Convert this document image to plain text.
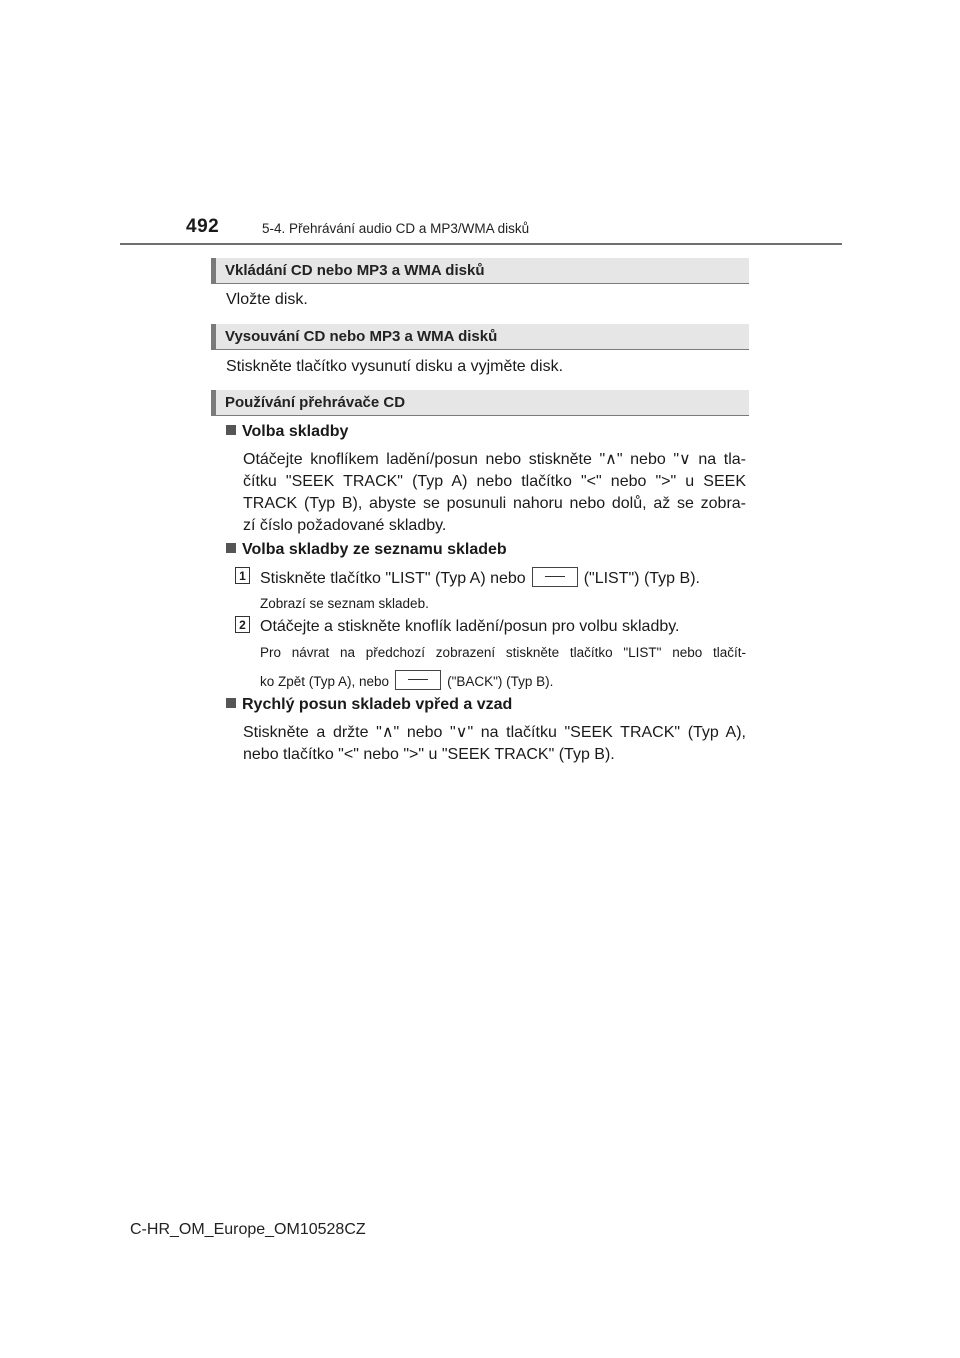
492	5-4. Přehrávání audio CD a MP3/WMA disků
Vkládání CD nebo MP3 a WMA disků
Vložte disk.
Vysouvání CD nebo MP3 a WMA disků
Stiskněte tlačítko vysunutí disku a vyjměte disk.
Používání přehrávače CD
Volba skladby
Otáčejte knoflíkem ladění/posun nebo stiskněte "∧" nebo "∨ na tla-
čítku "SEEK TRACK" (Typ A) nebo tlačítko "<" nebo ">" u SEEK
TRACK (Typ B), abyste se posunuli nahoru nebo dolů, až se zobra-
zí číslo požadované skladby.
Volba skladby ze seznamu skladeb
1 Stiskněte tlačítko "LIST" (Typ A) nebo	("LIST") (Typ B).
Zobrazí se seznam skladeb.
2 Otáčejte a stiskněte knoflík ladění/posun pro volbu skladby.
Pro návrat na předchozí zobrazení stiskněte tlačítko "LIST" nebo tlačít-
ko Zpět (Typ A), nebo	("BACK") (Typ B).
Rychlý posun skladeb vpřed a vzad
Stiskněte a držte "∧" nebo "∨" na tlačítku "SEEK TRACK" (Typ A),
nebo tlačítko "<" nebo ">" u "SEEK TRACK" (Typ B).
C-HR_OM_Europe_OM10528CZ
